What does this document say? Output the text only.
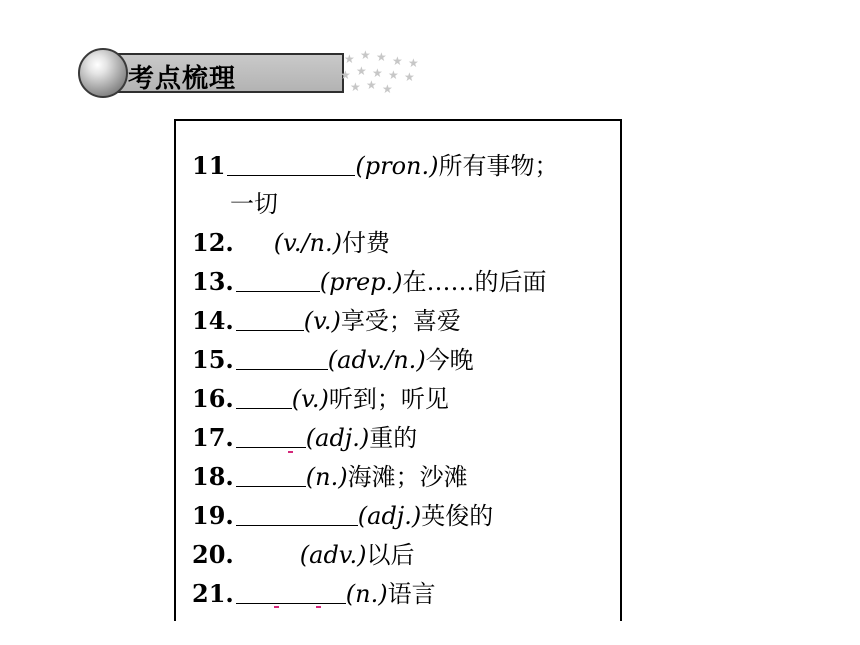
考点梳理
★ ★ ★ ★ ★
★ ★ ★ ★ ★
★ ★ ★
11	(pron.)所有事物；
一切
12. (v./n.)付费
13.	(prep.)在……的后面
14.	(v.)享受；喜爱
15.	(adv./n.)今晚
16. (v.)听到；听见
17.	(adj.)重的
18.	(n.)海滩；沙滩
19.	(adj.)英俊的
20.	(adv.)以后
21.	(n.)语言
